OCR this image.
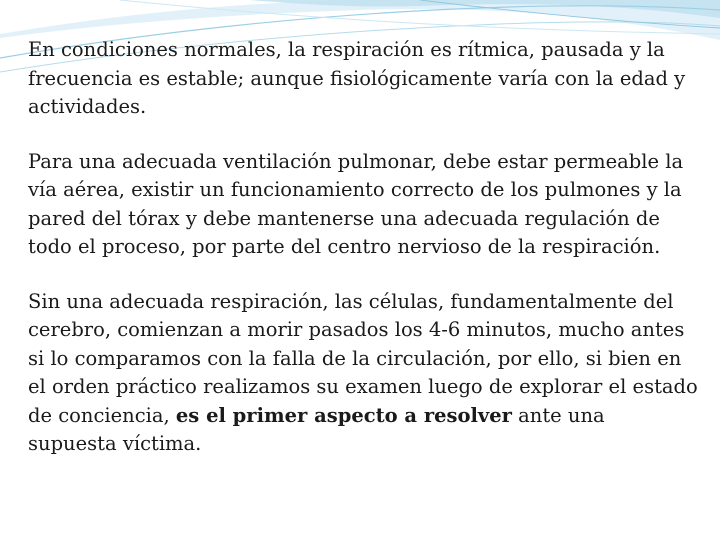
En condiciones normales, la respiración es rítmica, pausada y la frecuencia es estable; aunque fisiológicamente varía con la edad y actividades.

Para una adecuada ventilación pulmonar, debe estar permeable la vía aérea, existir un funcionamiento correcto de los pulmones y la pared del tórax y debe mantenerse una adecuada regulación de todo el proceso, por parte del centro nervioso de la respiración.

Sin una adecuada respiración, las células, fundamentalmente del cerebro, comienzan a morir pasados los 4-6 minutos, mucho antes si lo comparamos con la falla de la circulación, por ello, si bien en el orden práctico realizamos su examen luego de explorar el estado de conciencia, es el primer aspecto a resolver ante una supuesta víctima.
